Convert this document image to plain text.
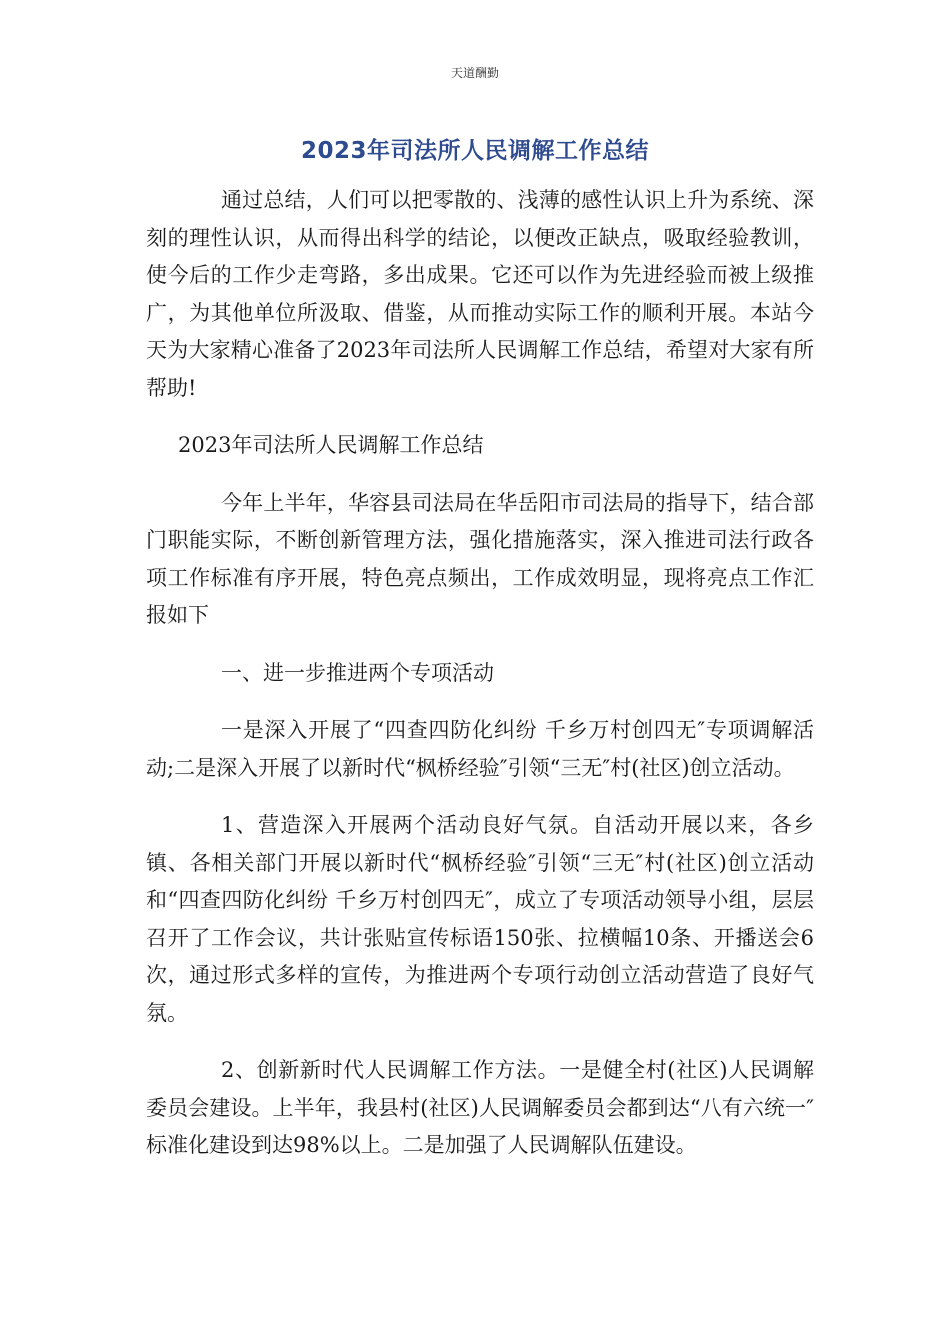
天道酬勤
2023年司法所人民调解工作总结

通过总结，人们可以把零散的、浅薄的感性认识上升为系统、深刻的理性认识，从而得出科学的结论，以便改正缺点，吸取经验教训，使今后的工作少走弯路，多出成果。它还可以作为先进经验而被上级推广，为其他单位所汲取、借鉴，从而推动实际工作的顺利开展。本站今天为大家精心准备了2023年司法所人民调解工作总结，希望对大家有所帮助!

2023年司法所人民调解工作总结

今年上半年，华容县司法局在华岳阳市司法局的指导下，结合部门职能实际，不断创新管理方法，强化措施落实，深入推进司法行政各项工作标准有序开展，特色亮点频出，工作成效明显，现将亮点工作汇报如下

一、进一步推进两个专项活动

一是深入开展了“四查四防化纠纷 千乡万村创四无″专项调解活动;二是深入开展了以新时代“枫桥经验″引领“三无″村(社区)创立活动。

1、营造深入开展两个活动良好气氛。自活动开展以来，各乡镇、各相关部门开展以新时代“枫桥经验″引领“三无″村(社区)创立活动和“四查四防化纠纷 千乡万村创四无″，成立了专项活动领导小组，层层召开了工作会议，共计张贴宣传标语150张、拉横幅10条、开播送会6次，通过形式多样的宣传，为推进两个专项行动创立活动营造了良好气氛。

2、创新新时代人民调解工作方法。一是健全村(社区)人民调解委员会建设。上半年，我县村(社区)人民调解委员会都到达“八有六统一″标准化建设到达98%以上。二是加强了人民调解队伍建设。
